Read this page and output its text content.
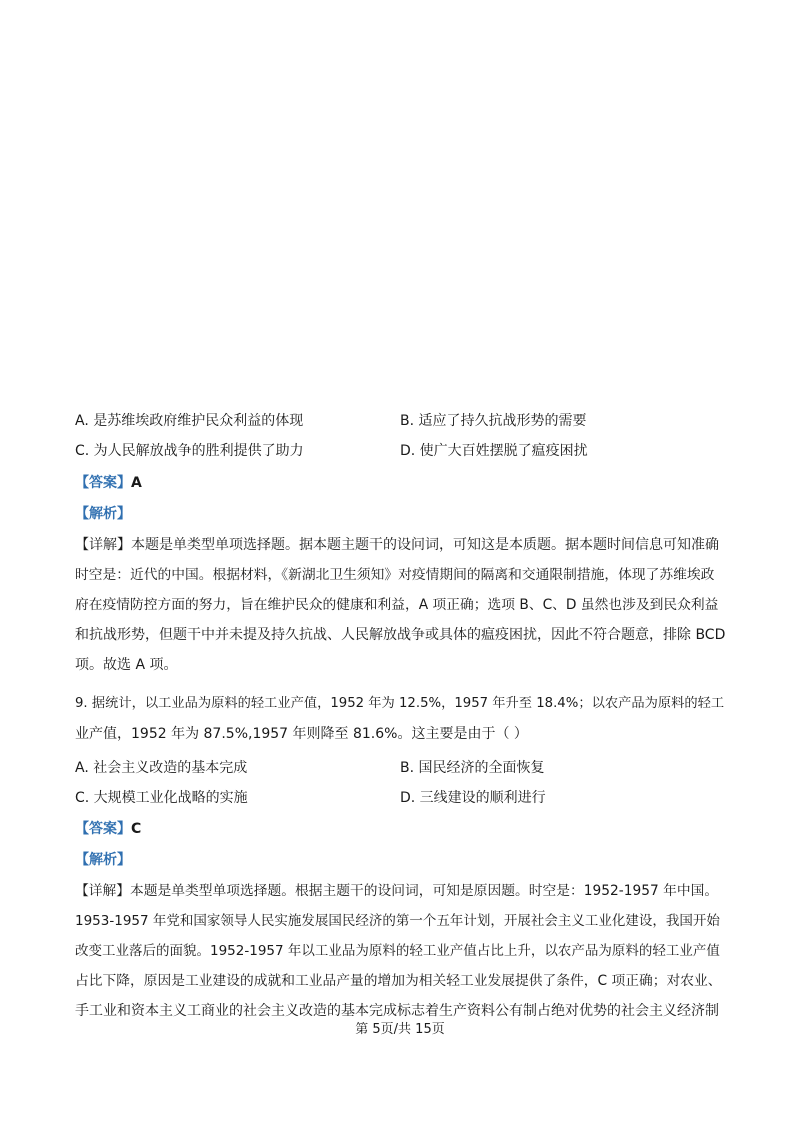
A. 是苏维埃政府维护民众利益的体现	B. 适应了持久抗战形势的需要
C. 为人民解放战争的胜利提供了助力	D. 使广大百姓摆脱了瘟疫困扰
【答案】A
【解析】
【详解】本题是单类型单项选择题。据本题主题干的设问词，可知这是本质题。据本题时间信息可知准确
时空是：近代的中国。根据材料，《新湖北卫生须知》对疫情期间的隔离和交通限制措施，体现了苏维埃政
府在疫情防控方面的努力，旨在维护民众的健康和利益，A 项正确；选项 B、C、D 虽然也涉及到民众利益
和抗战形势，但题干中并未提及持久抗战、人民解放战争或具体的瘟疫困扰，因此不符合题意，排除 BCD
项。故选 A 项。
9. 据统计，以工业品为原料的轻工业产值，1952 年为 12.5%，1957 年升至 18.4%；以农产品为原料的轻工
业产值，1952 年为 87.5%,1957 年则降至 81.6%。这主要是由于（ ）
A. 社会主义改造的基本完成	B. 国民经济的全面恢复
C. 大规模工业化战略的实施	D. 三线建设的顺利进行
【答案】C
【解析】
【详解】本题是单类型单项选择题。根据主题干的设问词，可知是原因题。时空是：1952-1957 年中国。
1953-1957 年党和国家领导人民实施发展国民经济的第一个五年计划，开展社会主义工业化建设，我国开始
改变工业落后的面貌。1952-1957 年以工业品为原料的轻工业产值占比上升，以农产品为原料的轻工业产值
占比下降，原因是工业建设的成就和工业品产量的增加为相关轻工业发展提供了条件，C 项正确；对农业、
手工业和资本主义工商业的社会主义改造的基本完成标志着生产资料公有制占绝对优势的社会主义经济制
第 5页/共 15页
